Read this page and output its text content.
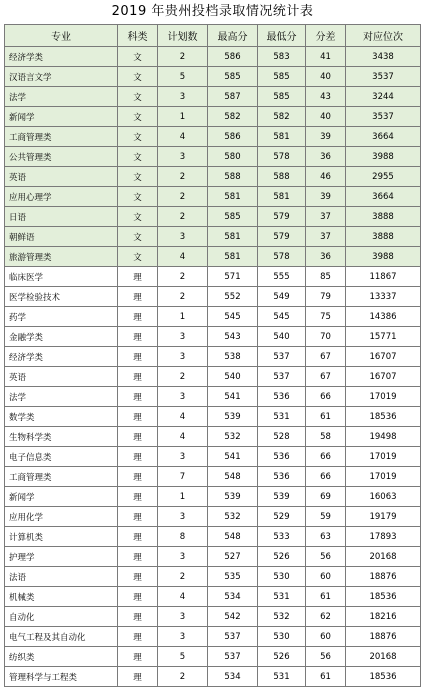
2019 年贵州投档录取情况统计表
专业	科类	计划数	最高分	最低分	分差	对应位次
经济学类	文	2	586	583	41	3438
汉语言文学	文	5	585	585	40	3537
法学	文	3	587	585	43	3244
新闻学	文	1	582	582	40	3537
工商管理类	文	4	586	581	39	3664
公共管理类	文	3	580	578	36	3988
英语	文	2	588	588	46	2955
应用心理学	文	2	581	581	39	3664
日语	文	2	585	579	37	3888
朝鲜语	文	3	581	579	37	3888
旅游管理类	文	4	581	578	36	3988
临床医学	理	2	571	555	85	11867
医学检验技术	理	2	552	549	79	13337
药学	理	1	545	545	75	14386
金融学类	理	3	543	540	70	15771
经济学类	理	3	538	537	67	16707
英语	理	2	540	537	67	16707
法学	理	3	541	536	66	17019
数学类	理	4	539	531	61	18536
生物科学类	理	4	532	528	58	19498
电子信息类	理	3	541	536	66	17019
工商管理类	理	7	548	536	66	17019
新闻学	理	1	539	539	69	16063
应用化学	理	3	532	529	59	19179
计算机类	理	8	548	533	63	17893
护理学	理	3	527	526	56	20168
法语	理	2	535	530	60	18876
机械类	理	4	534	531	61	18536
自动化	理	3	542	532	62	18216
电气工程及其自动化	理	3	537	530	60	18876
纺织类	理	5	537	526	56	20168
管理科学与工程类	理	2	534	531	61	18536
